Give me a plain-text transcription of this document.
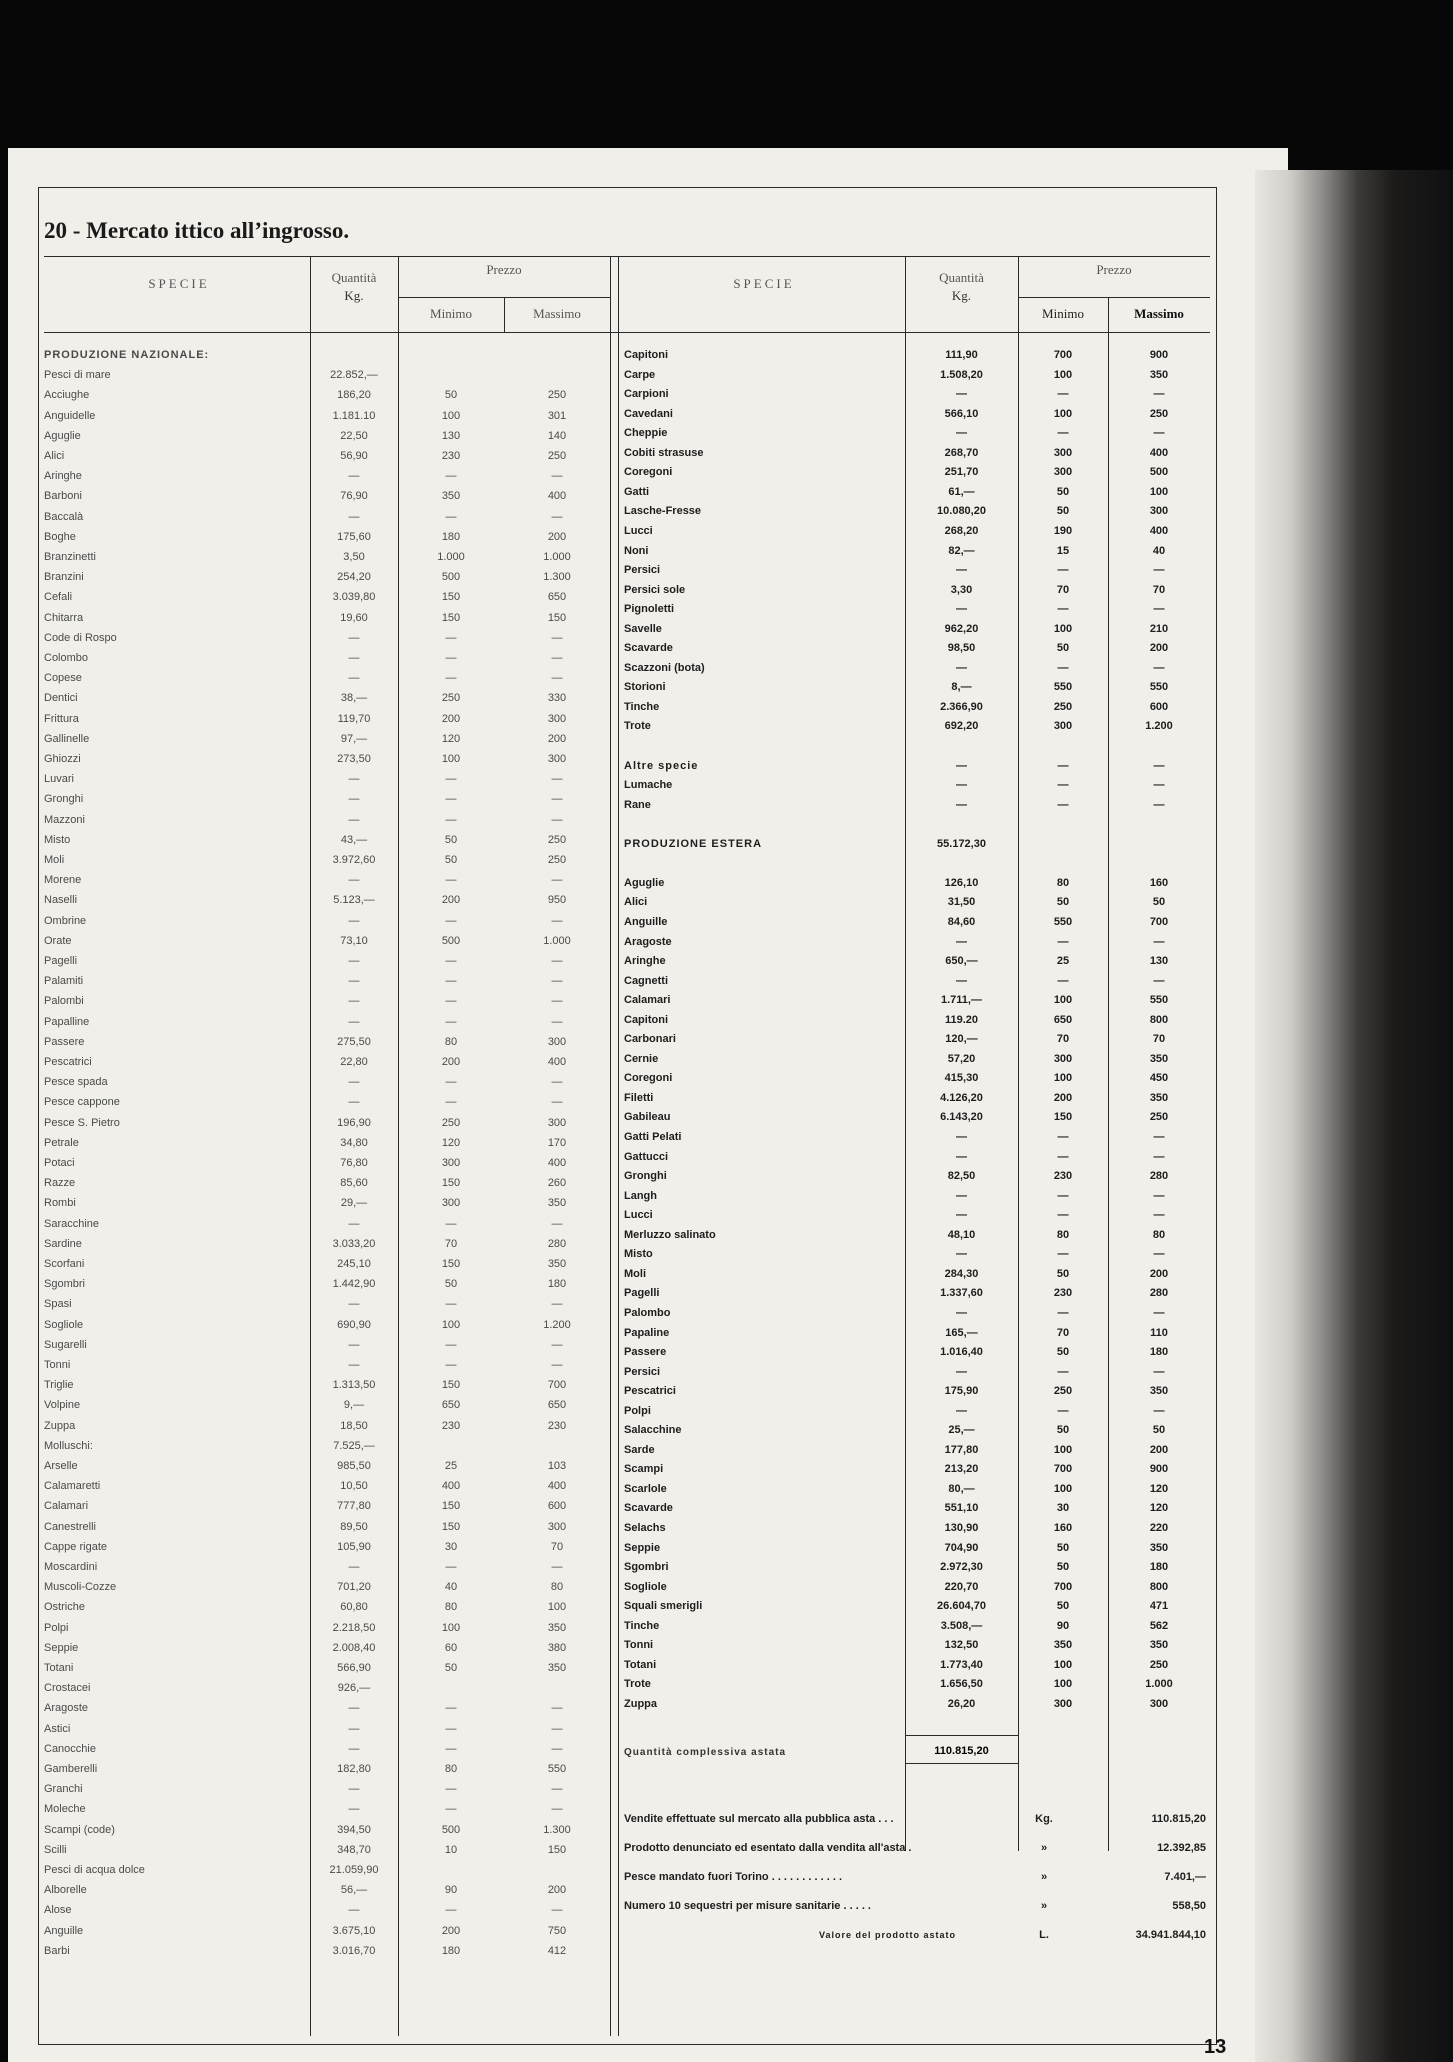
20 - Mercato ittico all’ingrosso.
SPECIE	Quantità
Kg.
Prezzo
Minimo	Massimo
SPECIE	Quantità
Kg.
Prezzo
Minimo	Massimo
PRODUZIONE NAZIONALE:
Pesci di mare	22.852,—
Acciughe	186,20	50	250
Anguidelle	1.181.10	100	301
Aguglie	22,50	130	140
Alici	56,90	230	250
Aringhe	—	—	—
Barboni	76,90	350	400
Baccalà	—	—	—
Boghe	175,60	180	200
Branzinetti	3,50	1.000	1.000
Branzini	254,20	500	1.300
Cefali	3.039,80	150	650
Chitarra	19,60	150	150
Code di Rospo	—	—	—
Colombo	—	—	—
Copese	—	—	—
Dentici	38,—	250	330
Frittura	119,70	200	300
Gallinelle	97,—	120	200
Ghiozzi	273,50	100	300
Luvari	—	—	—
Gronghi	—	—	—
Mazzoni	—	—	—
Misto	43,—	50	250
Moli	3.972,60	50	250
Morene	—	—	—
Naselli	5.123,—	200	950
Ombrine	—	—	—
Orate	73,10	500	1.000
Pagelli	—	—	—
Palamiti	—	—	—
Palombi	—	—	—
Papalline	—	—	—
Passere	275,50	80	300
Pescatrici	22,80	200	400
Pesce spada	—	—	—
Pesce cappone	—	—	—
Pesce S. Pietro	196,90	250	300
Petrale	34,80	120	170
Potaci	76,80	300	400
Razze	85,60	150	260
Rombi	29,—	300	350
Saracchine	—	—	—
Sardine	3.033,20	70	280
Scorfani	245,10	150	350
Sgombri	1.442,90	50	180
Spasi	—	—	—
Sogliole	690,90	100	1.200
Sugarelli	—	—	—
Tonni	—	—	—
Triglie	1.313,50	150	700
Volpine	9,—	650	650
Zuppa	18,50	230	230
Molluschi:	7.525,—
Arselle	985,50	25	103
Calamaretti	10,50	400	400
Calamari	777,80	150	600
Canestrelli	89,50	150	300
Cappe rigate	105,90	30	70
Moscardini	—	—	—
Muscoli-Cozze	701,20	40	80
Ostriche	60,80	80	100
Polpi	2.218,50	100	350
Seppie	2.008,40	60	380
Totani	566,90	50	350
Crostacei	926,—
Aragoste	—	—	—
Astici	—	—	—
Canocchie	—	—	—
Gamberelli	182,80	80	550
Granchi	—	—	—
Moleche	—	—	—
Scampi (code)	394,50	500	1.300
Scilli	348,70	10	150
Pesci di acqua dolce	21.059,90
Alborelle	56,—	90	200
Alose	—	—	—
Anguille	3.675,10	200	750
Barbi	3.016,70	180	412
Capitoni	111,90	700	900
Carpe	1.508,20	100	350
Carpioni	—	—	—
Cavedani	566,10	100	250
Cheppie	—	—	—
Cobiti strasuse	268,70	300	400
Coregoni	251,70	300	500
Gatti	61,—	50	100
Lasche-Fresse	10.080,20	50	300
Lucci	268,20	190	400
Noni	82,—	15	40
Persici	—	—	—
Persici sole	3,30	70	70
Pignoletti	—	—	—
Savelle	962,20	100	210
Scavarde	98,50	50	200
Scazzoni (bota)	—	—	—
Storioni	8,—	550	550
Tinche	2.366,90	250	600
Trote	692,20	300	1.200
Altre specie	—	—	—
Lumache	—	—	—
Rane	—	—	—
PRODUZIONE ESTERA	55.172,30
Aguglie	126,10	80	160
Alici	31,50	50	50
Anguille	84,60	550	700
Aragoste	—	—	—
Aringhe	650,—	25	130
Cagnetti	—	—	—
Calamari	1.711,—	100	550
Capitoni	119.20	650	800
Carbonari	120,—	70	70
Cernie	57,20	300	350
Coregoni	415,30	100	450
Filetti	4.126,20	200	350
Gabileau	6.143,20	150	250
Gatti Pelati	—	—	—
Gattucci	—	—	—
Gronghi	82,50	230	280
Langh	—	—	—
Lucci	—	—	—
Merluzzo salinato	48,10	80	80
Misto	—	—	—
Moli	284,30	50	200
Pagelli	1.337,60	230	280
Palombo	—	—	—
Papaline	165,—	70	110
Passere	1.016,40	50	180
Persici	—	—	—
Pescatrici	175,90	250	350
Polpi	—	—	—
Salacchine	25,—	50	50
Sarde	177,80	100	200
Scampi	213,20	700	900
Scarlole	80,—	100	120
Scavarde	551,10	30	120
Selachs	130,90	160	220
Seppie	704,90	50	350
Sgombri	2.972,30	50	180
Sogliole	220,70	700	800
Squali smerigli	26.604,70	50	471
Tinche	3.508,—	90	562
Tonni	132,50	350	350
Totani	1.773,40	100	250
Trote	1.656,50	100	1.000
Zuppa	26,20	300	300
Quantità complessiva astata	110.815,20
Vendite effettuate sul mercato alla pubblica asta . . .	Kg.	110.815,20
Prodotto denunciato ed esentato dalla vendita all'asta .	»	12.392,85
Pesce mandato fuori Torino . . . . . . . . . . . .	»	7.401,—
Numero 10 sequestri per misure sanitarie . . . . .	»	558,50
Valore del prodotto astato	L.	34.941.844,10
13
